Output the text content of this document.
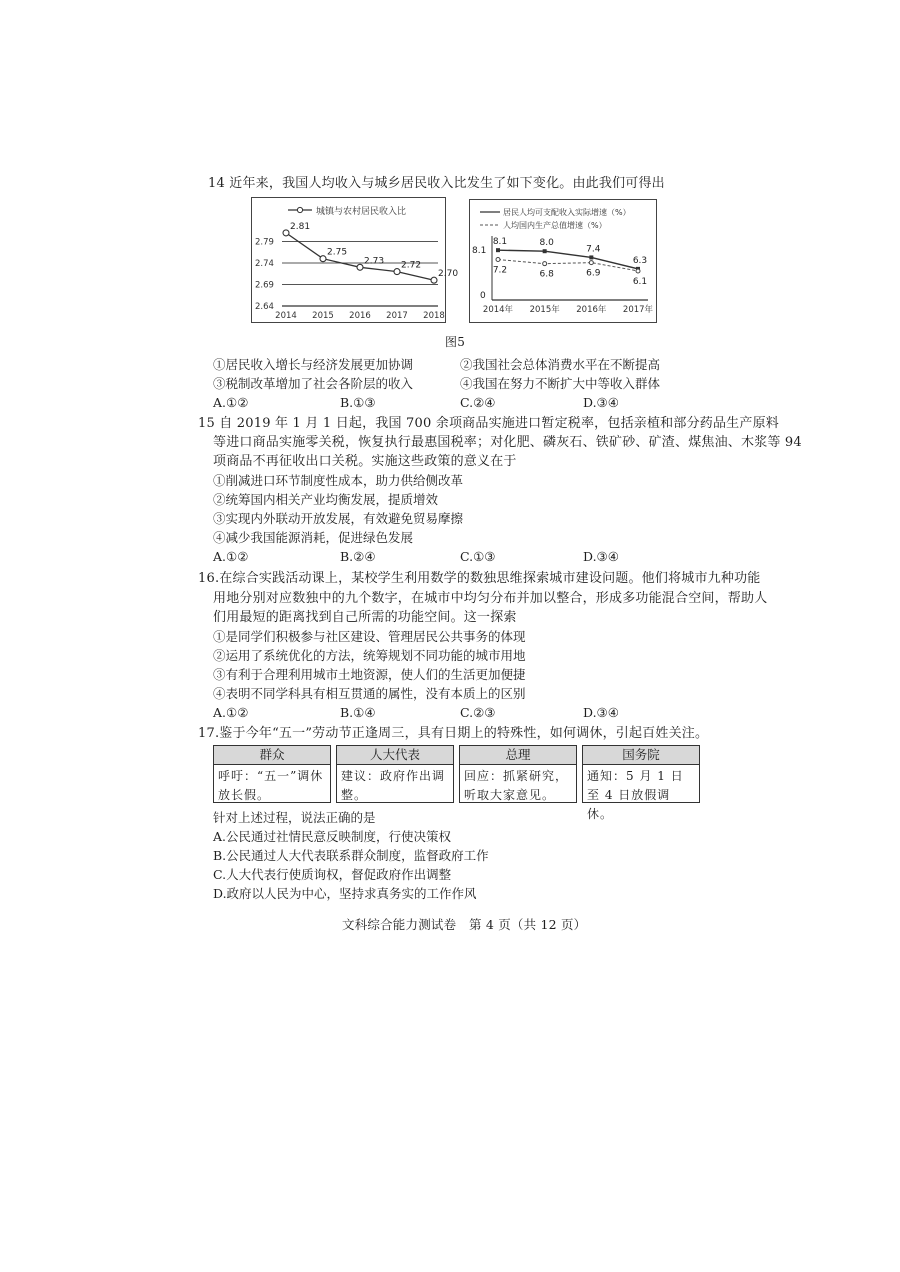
14 近年来，我国人均收入与城乡居民收入比发生了如下变化。由此我们可得出
城镇与农村居民收入比
2.79
2.74
2.69
2.64
2014 2015 2016 2017 2018
2.81
2.75
2.73 2.72
2.70
居民人均可支配收入实际增速（%）
人均国内生产总值增速（%）
8.1
0
2014年 2015年 2016年 2017年
8.1	8.0
7.4
6.3
7.2	6.8	6.9
6.1
图5
①居民收入增长与经济发展更加协调	②我国社会总体消费水平在不断提高
③税制改革增加了社会各阶层的收入	④我国在努力不断扩大中等收入群体
A.①②	B.①③	C.②④	D.③④
15 自 2019 年 1 月 1 日起，我国 700 余项商品实施进口暂定税率，包括亲植和部分药品生产原料
等进口商品实施零关税，恢复执行最惠国税率；对化肥、磷灰石、铁矿砂、矿渣、煤焦油、木浆等 94
项商品不再征收出口关税。实施这些政策的意义在于
①削减进口环节制度性成本，助力供给侧改革
②统筹国内相关产业均衡发展，提质增效
③实现内外联动开放发展，有效避免贸易摩擦
④减少我国能源消耗，促进绿色发展
A.①②	B.②④	C.①③	D.③④
16.在综合实践活动课上，某校学生利用数学的数独思维探索城市建设问题。他们将城市九种功能
用地分别对应数独中的九个数字，在城市中均匀分布并加以整合，形成多功能混合空间，帮助人
们用最短的距离找到自己所需的功能空间。这一探索
①是同学们积极参与社区建设、管理居民公共事务的体现
②运用了系统优化的方法，统筹规划不同功能的城市用地
③有利于合理利用城市土地资源，使人们的生活更加便捷
④表明不同学科具有相互贯通的属性，没有本质上的区别
A.①②	B.①④	C.②③	D.③④
17.鉴于今年“五一”劳动节正逢周三，具有日期上的特殊性，如何调休，引起百姓关注。
群众
呼吁：“五一”调休放长假。
人大代表
建议：政府作出调整。
总理
回应：抓紧研究，听取大家意见。
国务院
通知：5 月 1 日至 4 日放假调休。
针对上述过程，说法正确的是
A.公民通过社情民意反映制度，行使决策权
B.公民通过人大代表联系群众制度，监督政府工作
C.人大代表行使质询权，督促政府作出调整
D.政府以人民为中心，坚持求真务实的工作作风
文科综合能力测试卷　第 4 页（共 12 页）
